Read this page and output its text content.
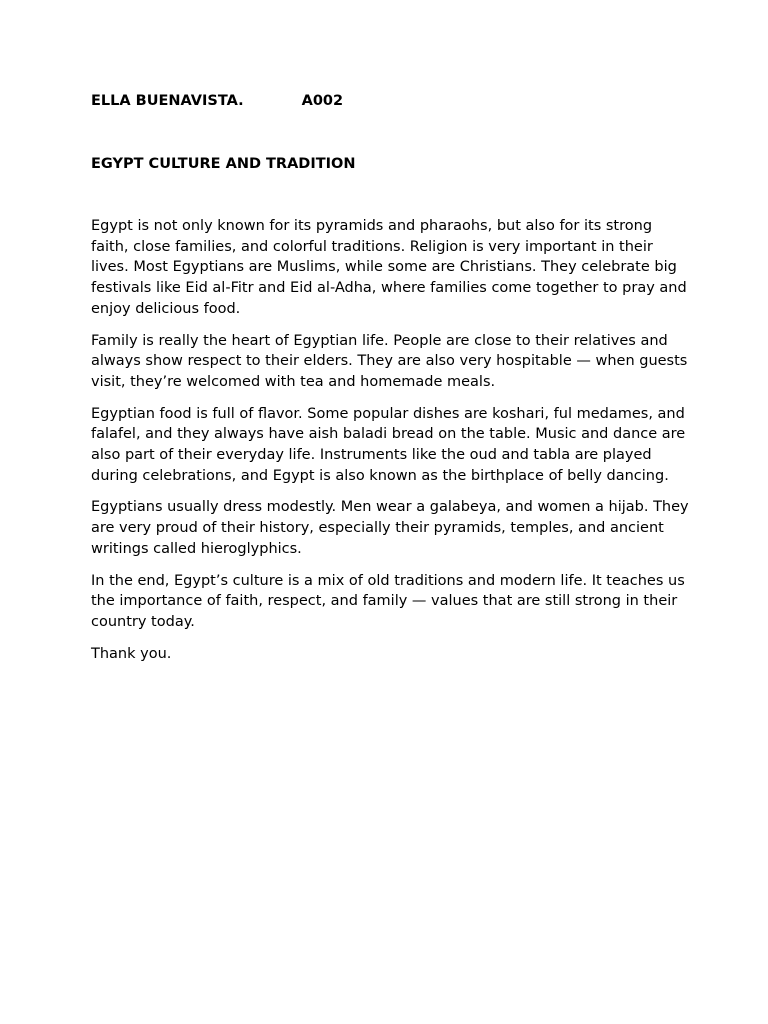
ELLA BUENAVISTA.	A002

EGYPT CULTURE AND TRADITION

Egypt is not only known for its pyramids and pharaohs, but also for its strong faith, close families, and colorful traditions. Religion is very important in their lives. Most Egyptians are Muslims, while some are Christians. They celebrate big festivals like Eid al-Fitr and Eid al-Adha, where families come together to pray and enjoy delicious food.

Family is really the heart of Egyptian life. People are close to their relatives and always show respect to their elders. They are also very hospitable — when guests visit, they’re welcomed with tea and homemade meals.

Egyptian food is full of flavor. Some popular dishes are koshari, ful medames, and falafel, and they always have aish baladi bread on the table. Music and dance are also part of their everyday life. Instruments like the oud and tabla are played during celebrations, and Egypt is also known as the birthplace of belly dancing.

Egyptians usually dress modestly. Men wear a galabeya, and women a hijab. They are very proud of their history, especially their pyramids, temples, and ancient writings called hieroglyphics.

In the end, Egypt’s culture is a mix of old traditions and modern life. It teaches us the importance of faith, respect, and family — values that are still strong in their country today.

Thank you.
